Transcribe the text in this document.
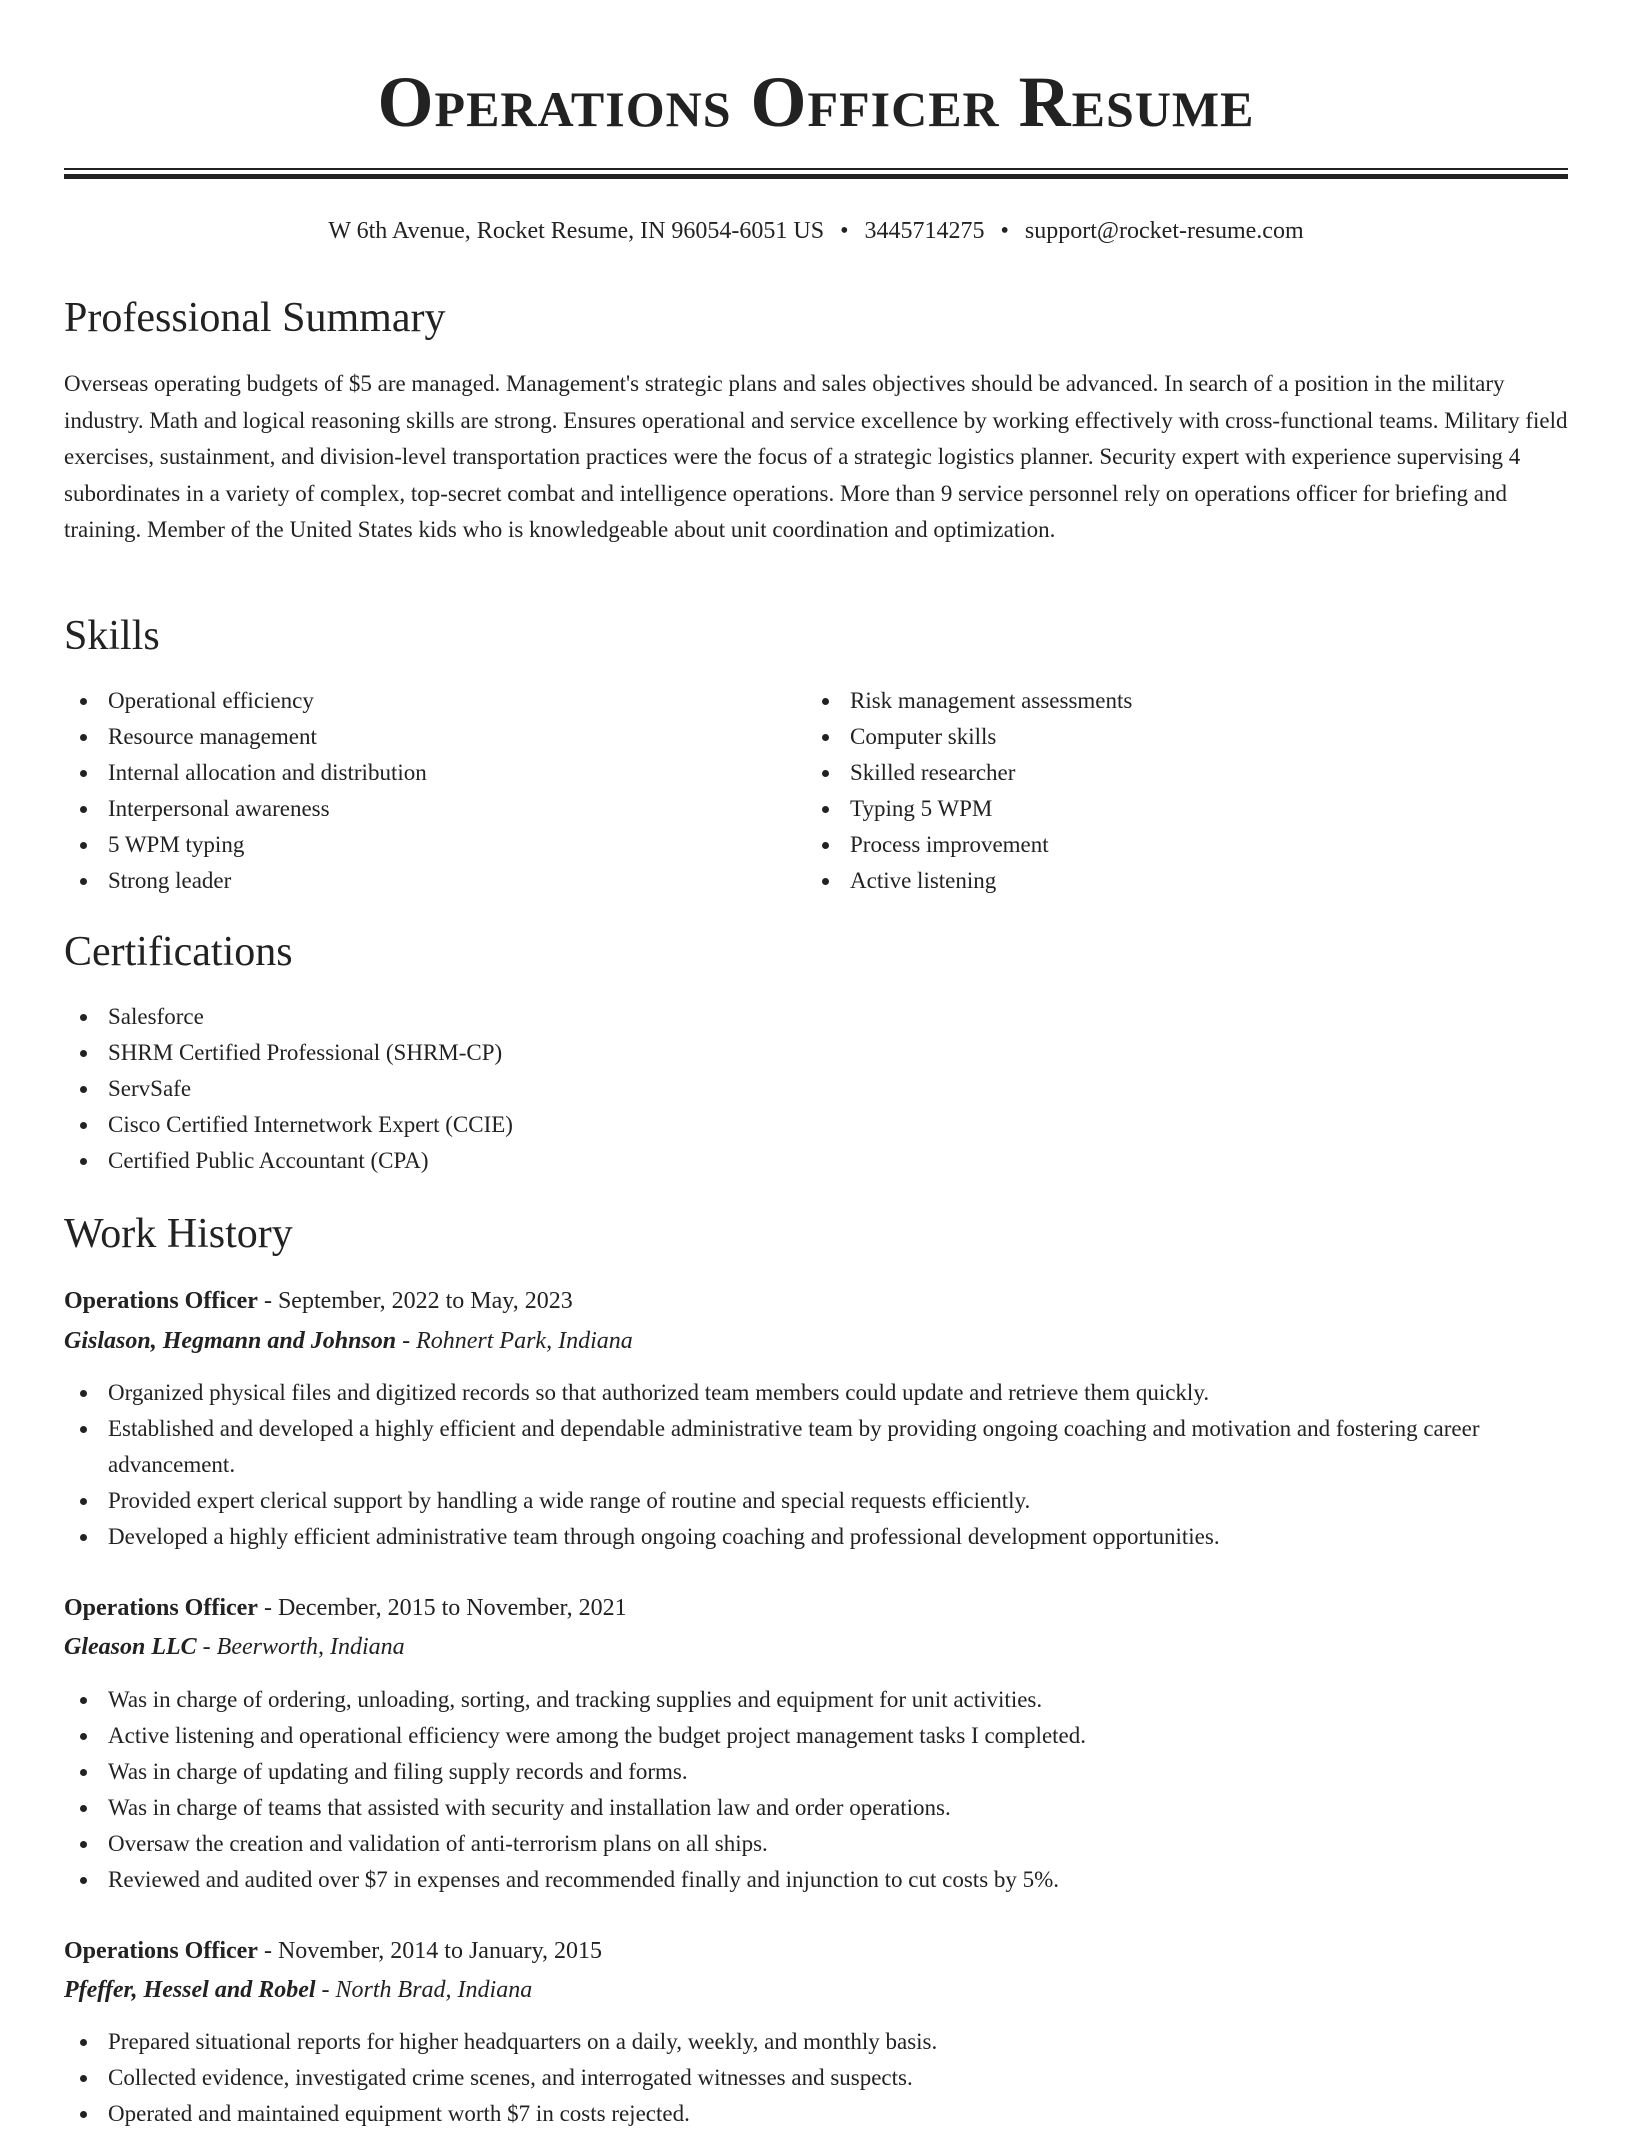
Operations Officer Resume
W 6th Avenue, Rocket Resume, IN 96054-6051 US • 3445714275 • support@rocket-resume.com
Professional Summary

Overseas operating budgets of $5 are managed. Management's strategic plans and sales objectives should be advanced. In search of a position in the military industry. Math and logical reasoning skills are strong. Ensures operational and service excellence by working effectively with cross-functional teams. Military field exercises, sustainment, and division-level transportation practices were the focus of a strategic logistics planner. Security expert with experience supervising 4 subordinates in a variety of complex, top-secret combat and intelligence operations. More than 9 service personnel rely on operations officer for briefing and training. Member of the United States kids who is knowledgeable about unit coordination and optimization.

Skills
Operational efficiency
Resource management
Internal allocation and distribution
Interpersonal awareness
5 WPM typing
Strong leader
Risk management assessments
Computer skills
Skilled researcher
Typing 5 WPM
Process improvement
Active listening
Certifications
Salesforce
SHRM Certified Professional (SHRM-CP)
ServSafe
Cisco Certified Internetwork Expert (CCIE)
Certified Public Accountant (CPA)
Work History
Operations Officer - September, 2022 to May, 2023
Gislason, Hegmann and Johnson - Rohnert Park, Indiana
Organized physical files and digitized records so that authorized team members could update and retrieve them quickly.
Established and developed a highly efficient and dependable administrative team by providing ongoing coaching and motivation and fostering career advancement.
Provided expert clerical support by handling a wide range of routine and special requests efficiently.
Developed a highly efficient administrative team through ongoing coaching and professional development opportunities.
Operations Officer - December, 2015 to November, 2021
Gleason LLC - Beerworth, Indiana
Was in charge of ordering, unloading, sorting, and tracking supplies and equipment for unit activities.
Active listening and operational efficiency were among the budget project management tasks I completed.
Was in charge of updating and filing supply records and forms.
Was in charge of teams that assisted with security and installation law and order operations.
Oversaw the creation and validation of anti-terrorism plans on all ships.
Reviewed and audited over $7 in expenses and recommended finally and injunction to cut costs by 5%.
Operations Officer - November, 2014 to January, 2015
Pfeffer, Hessel and Robel - North Brad, Indiana
Prepared situational reports for higher headquarters on a daily, weekly, and monthly basis.
Collected evidence, investigated crime scenes, and interrogated witnesses and suspects.
Operated and maintained equipment worth $7 in costs rejected.
